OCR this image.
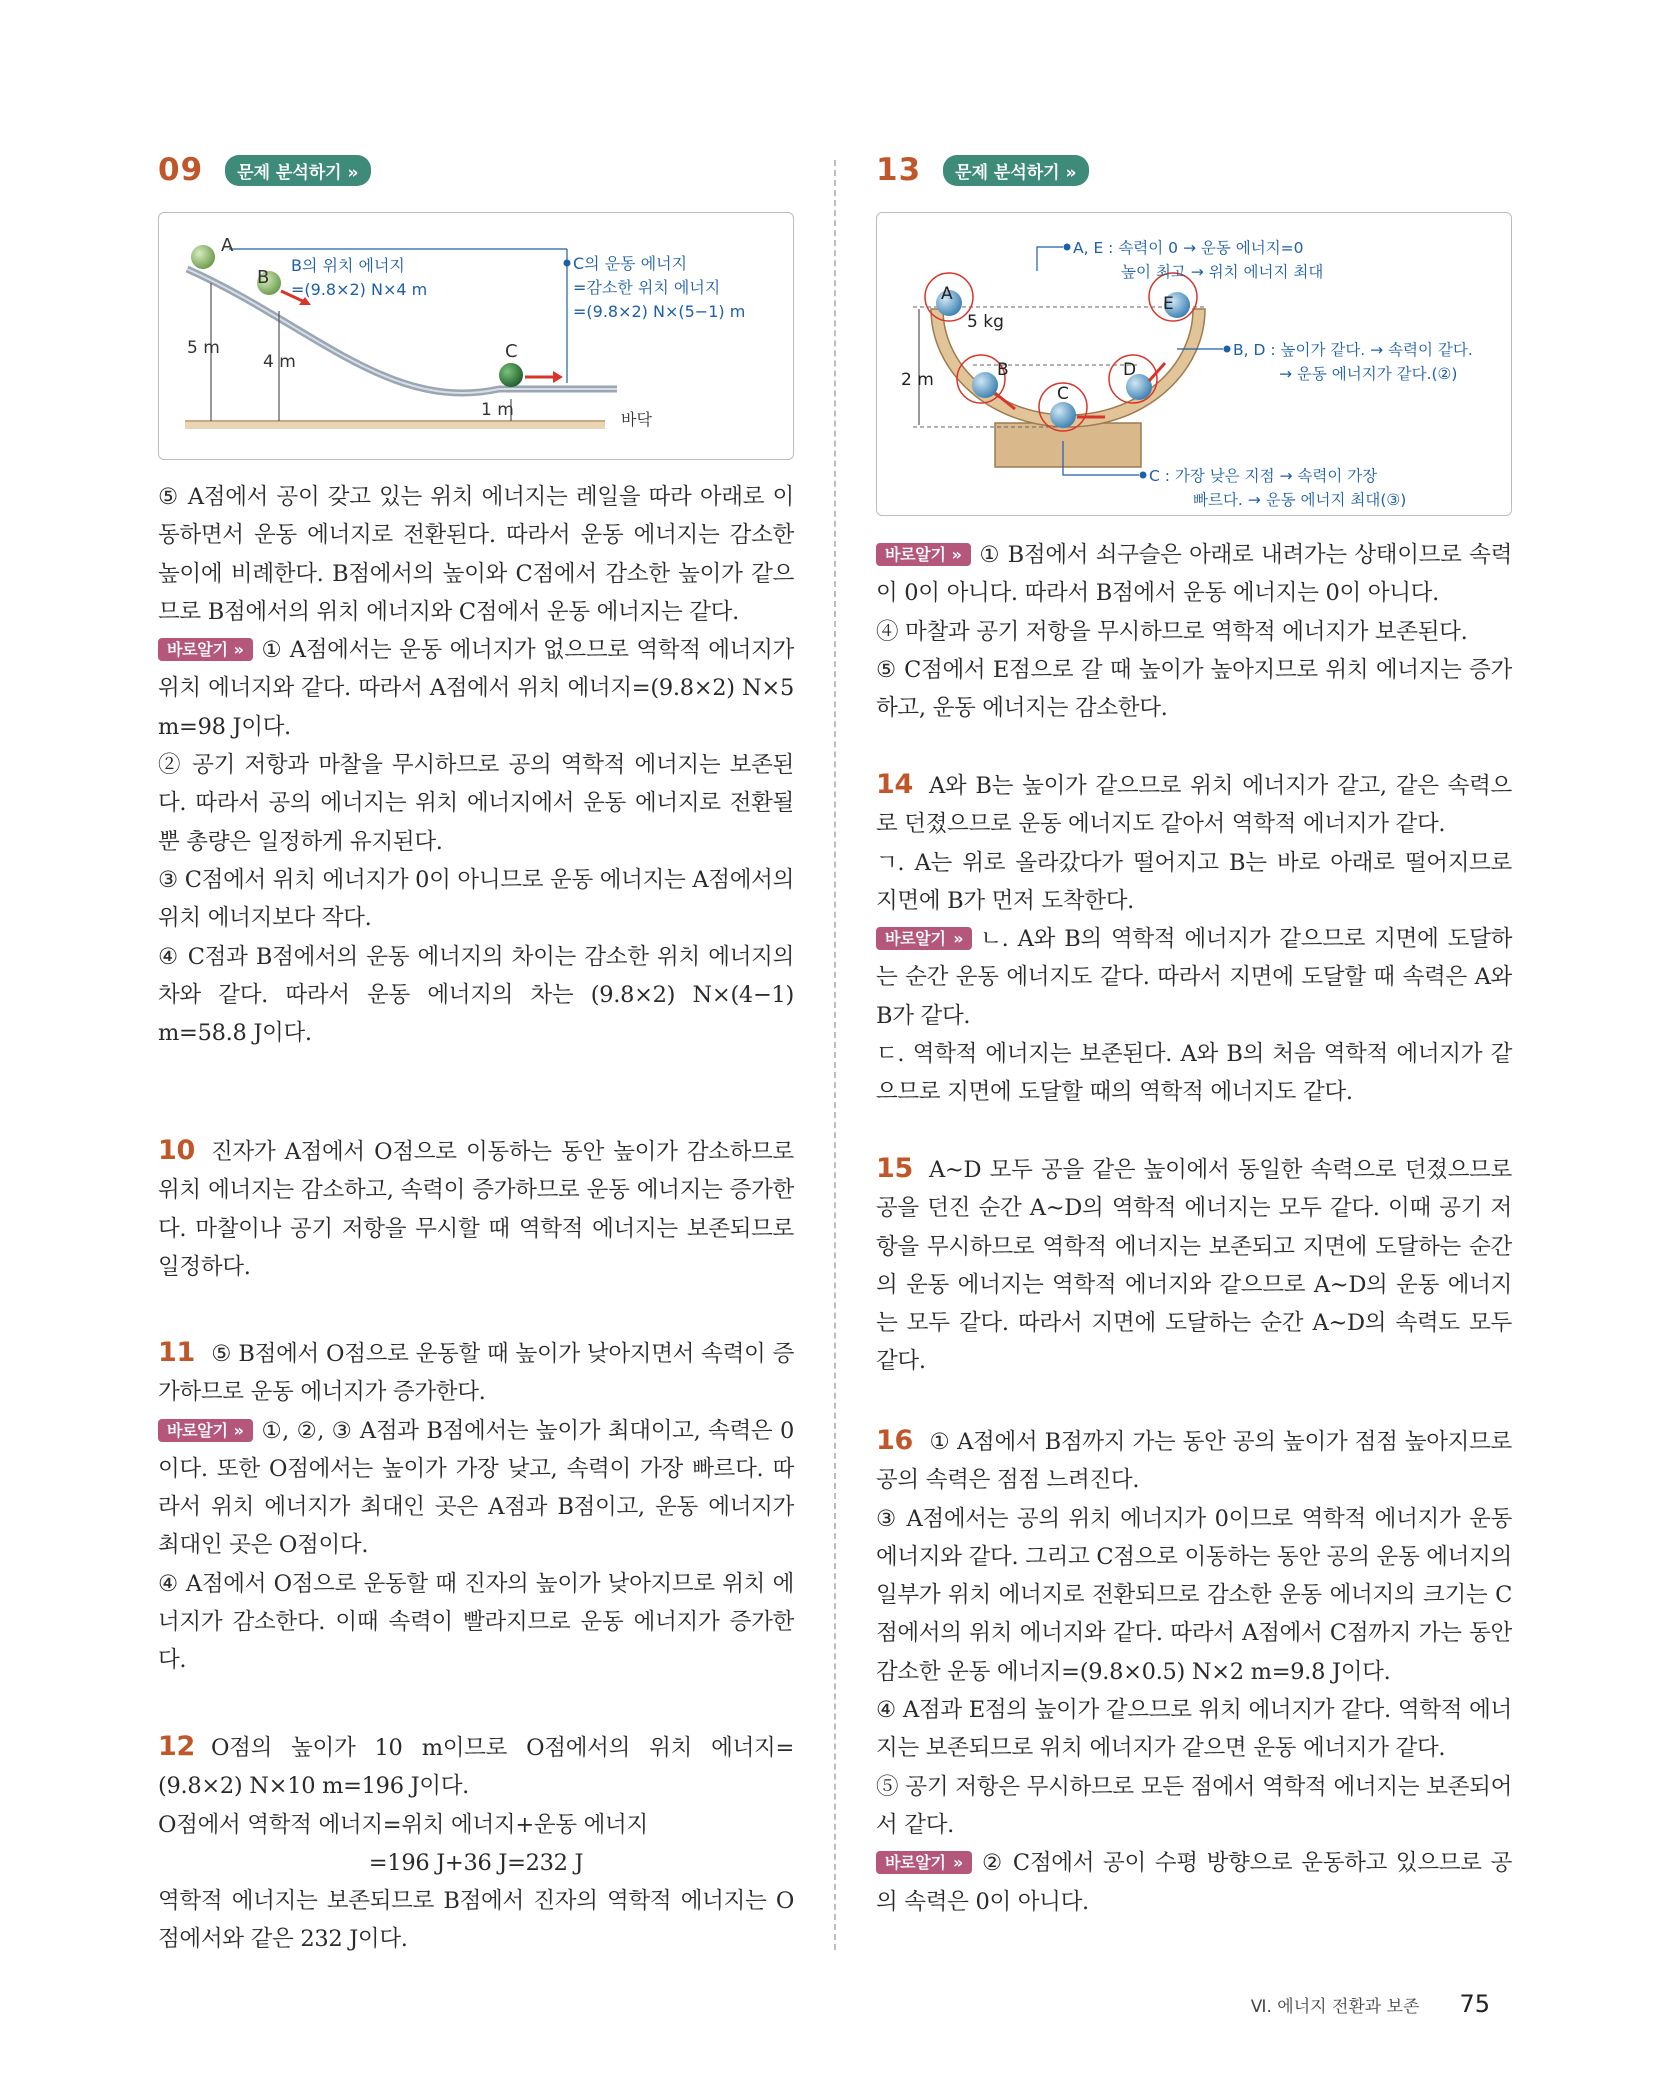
09	문제 분석하기 »
A
B
C
B의 위치 에너지
=(9.8×2) N×4 m
C의 운동 에너지
=감소한 위치 에너지
=(9.8×2) N×(5−1) m
5 m
4 m
1 m	바닥

⑤ A점에서 공이 갖고 있는 위치 에너지는 레일을 따라 아래로 이동하면서 운동 에너지로 전환된다. 따라서 운동 에너지는 감소한 높이에 비례한다. B점에서의 높이와 C점에서 감소한 높이가 같으므로 B점에서의 위치 에너지와 C점에서 운동 에너지는 같다.

바로알기 » ① A점에서는 운동 에너지가 없으므로 역학적 에너지가 위치 에너지와 같다. 따라서 A점에서 위치 에너지=(9.8×2) N×5 m=98 J이다.

② 공기 저항과 마찰을 무시하므로 공의 역학적 에너지는 보존된다. 따라서 공의 에너지는 위치 에너지에서 운동 에너지로 전환될 뿐 총량은 일정하게 유지된다.

③ C점에서 위치 에너지가 0이 아니므로 운동 에너지는 A점에서의 위치 에너지보다 작다.

④ C점과 B점에서의 운동 에너지의 차이는 감소한 위치 에너지의 차와 같다. 따라서 운동 에너지의 차는 (9.8×2) N×(4−1) m=58.8 J이다.

10 진자가 A점에서 O점으로 이동하는 동안 높이가 감소하므로 위치 에너지는 감소하고, 속력이 증가하므로 운동 에너지는 증가한다. 마찰이나 공기 저항을 무시할 때 역학적 에너지는 보존되므로 일정하다.

11 ⑤ B점에서 O점으로 운동할 때 높이가 낮아지면서 속력이 증가하므로 운동 에너지가 증가한다.

바로알기 » ①, ②, ③ A점과 B점에서는 높이가 최대이고, 속력은 0이다. 또한 O점에서는 높이가 가장 낮고, 속력이 가장 빠르다. 따라서 위치 에너지가 최대인 곳은 A점과 B점이고, 운동 에너지가 최대인 곳은 O점이다.

④ A점에서 O점으로 운동할 때 진자의 높이가 낮아지므로 위치 에너지가 감소한다. 이때 속력이 빨라지므로 운동 에너지가 증가한다.

12 O점의 높이가 10 m이므로 O점에서의 위치 에너지=(9.8×2) N×10 m=196 J이다.

O점에서 역학적 에너지=위치 에너지+운동 에너지

=196 J+36 J=232 J

역학적 에너지는 보존되므로 B점에서 진자의 역학적 에너지는 O점에서와 같은 232 J이다.

13	문제 분석하기 »
A, E : 속력이 0 → 운동 에너지=0
높이 최고 → 위치 에너지 최대
B, D : 높이가 같다. → 속력이 같다.
→ 운동 에너지가 같다.(②)
C : 가장 낮은 지점 → 속력이 가장
빠르다. → 운동 에너지 최대(③)
5 kg
2 m
A
B
C
D
E

바로알기 » ① B점에서 쇠구슬은 아래로 내려가는 상태이므로 속력이 0이 아니다. 따라서 B점에서 운동 에너지는 0이 아니다.

④ 마찰과 공기 저항을 무시하므로 역학적 에너지가 보존된다.

⑤ C점에서 E점으로 갈 때 높이가 높아지므로 위치 에너지는 증가하고, 운동 에너지는 감소한다.

14 A와 B는 높이가 같으므로 위치 에너지가 같고, 같은 속력으로 던졌으므로 운동 에너지도 같아서 역학적 에너지가 같다.

ㄱ. A는 위로 올라갔다가 떨어지고 B는 바로 아래로 떨어지므로 지면에 B가 먼저 도착한다.

바로알기 » ㄴ. A와 B의 역학적 에너지가 같으므로 지면에 도달하는 순간 운동 에너지도 같다. 따라서 지면에 도달할 때 속력은 A와 B가 같다.

ㄷ. 역학적 에너지는 보존된다. A와 B의 처음 역학적 에너지가 같으므로 지면에 도달할 때의 역학적 에너지도 같다.

15 A~D 모두 공을 같은 높이에서 동일한 속력으로 던졌으므로 공을 던진 순간 A~D의 역학적 에너지는 모두 같다. 이때 공기 저항을 무시하므로 역학적 에너지는 보존되고 지면에 도달하는 순간의 운동 에너지는 역학적 에너지와 같으므로 A~D의 운동 에너지는 모두 같다. 따라서 지면에 도달하는 순간 A~D의 속력도 모두 같다.

16 ① A점에서 B점까지 가는 동안 공의 높이가 점점 높아지므로 공의 속력은 점점 느려진다.

③ A점에서는 공의 위치 에너지가 0이므로 역학적 에너지가 운동 에너지와 같다. 그리고 C점으로 이동하는 동안 공의 운동 에너지의 일부가 위치 에너지로 전환되므로 감소한 운동 에너지의 크기는 C점에서의 위치 에너지와 같다. 따라서 A점에서 C점까지 가는 동안 감소한 운동 에너지=(9.8×0.5) N×2 m=9.8 J이다.

④ A점과 E점의 높이가 같으므로 위치 에너지가 같다. 역학적 에너지는 보존되므로 위치 에너지가 같으면 운동 에너지가 같다.

⑤ 공기 저항은 무시하므로 모든 점에서 역학적 에너지는 보존되어서 같다.

바로알기 » ② C점에서 공이 수평 방향으로 운동하고 있으므로 공의 속력은 0이 아니다.

Ⅵ. 에너지 전환과 보존 75
